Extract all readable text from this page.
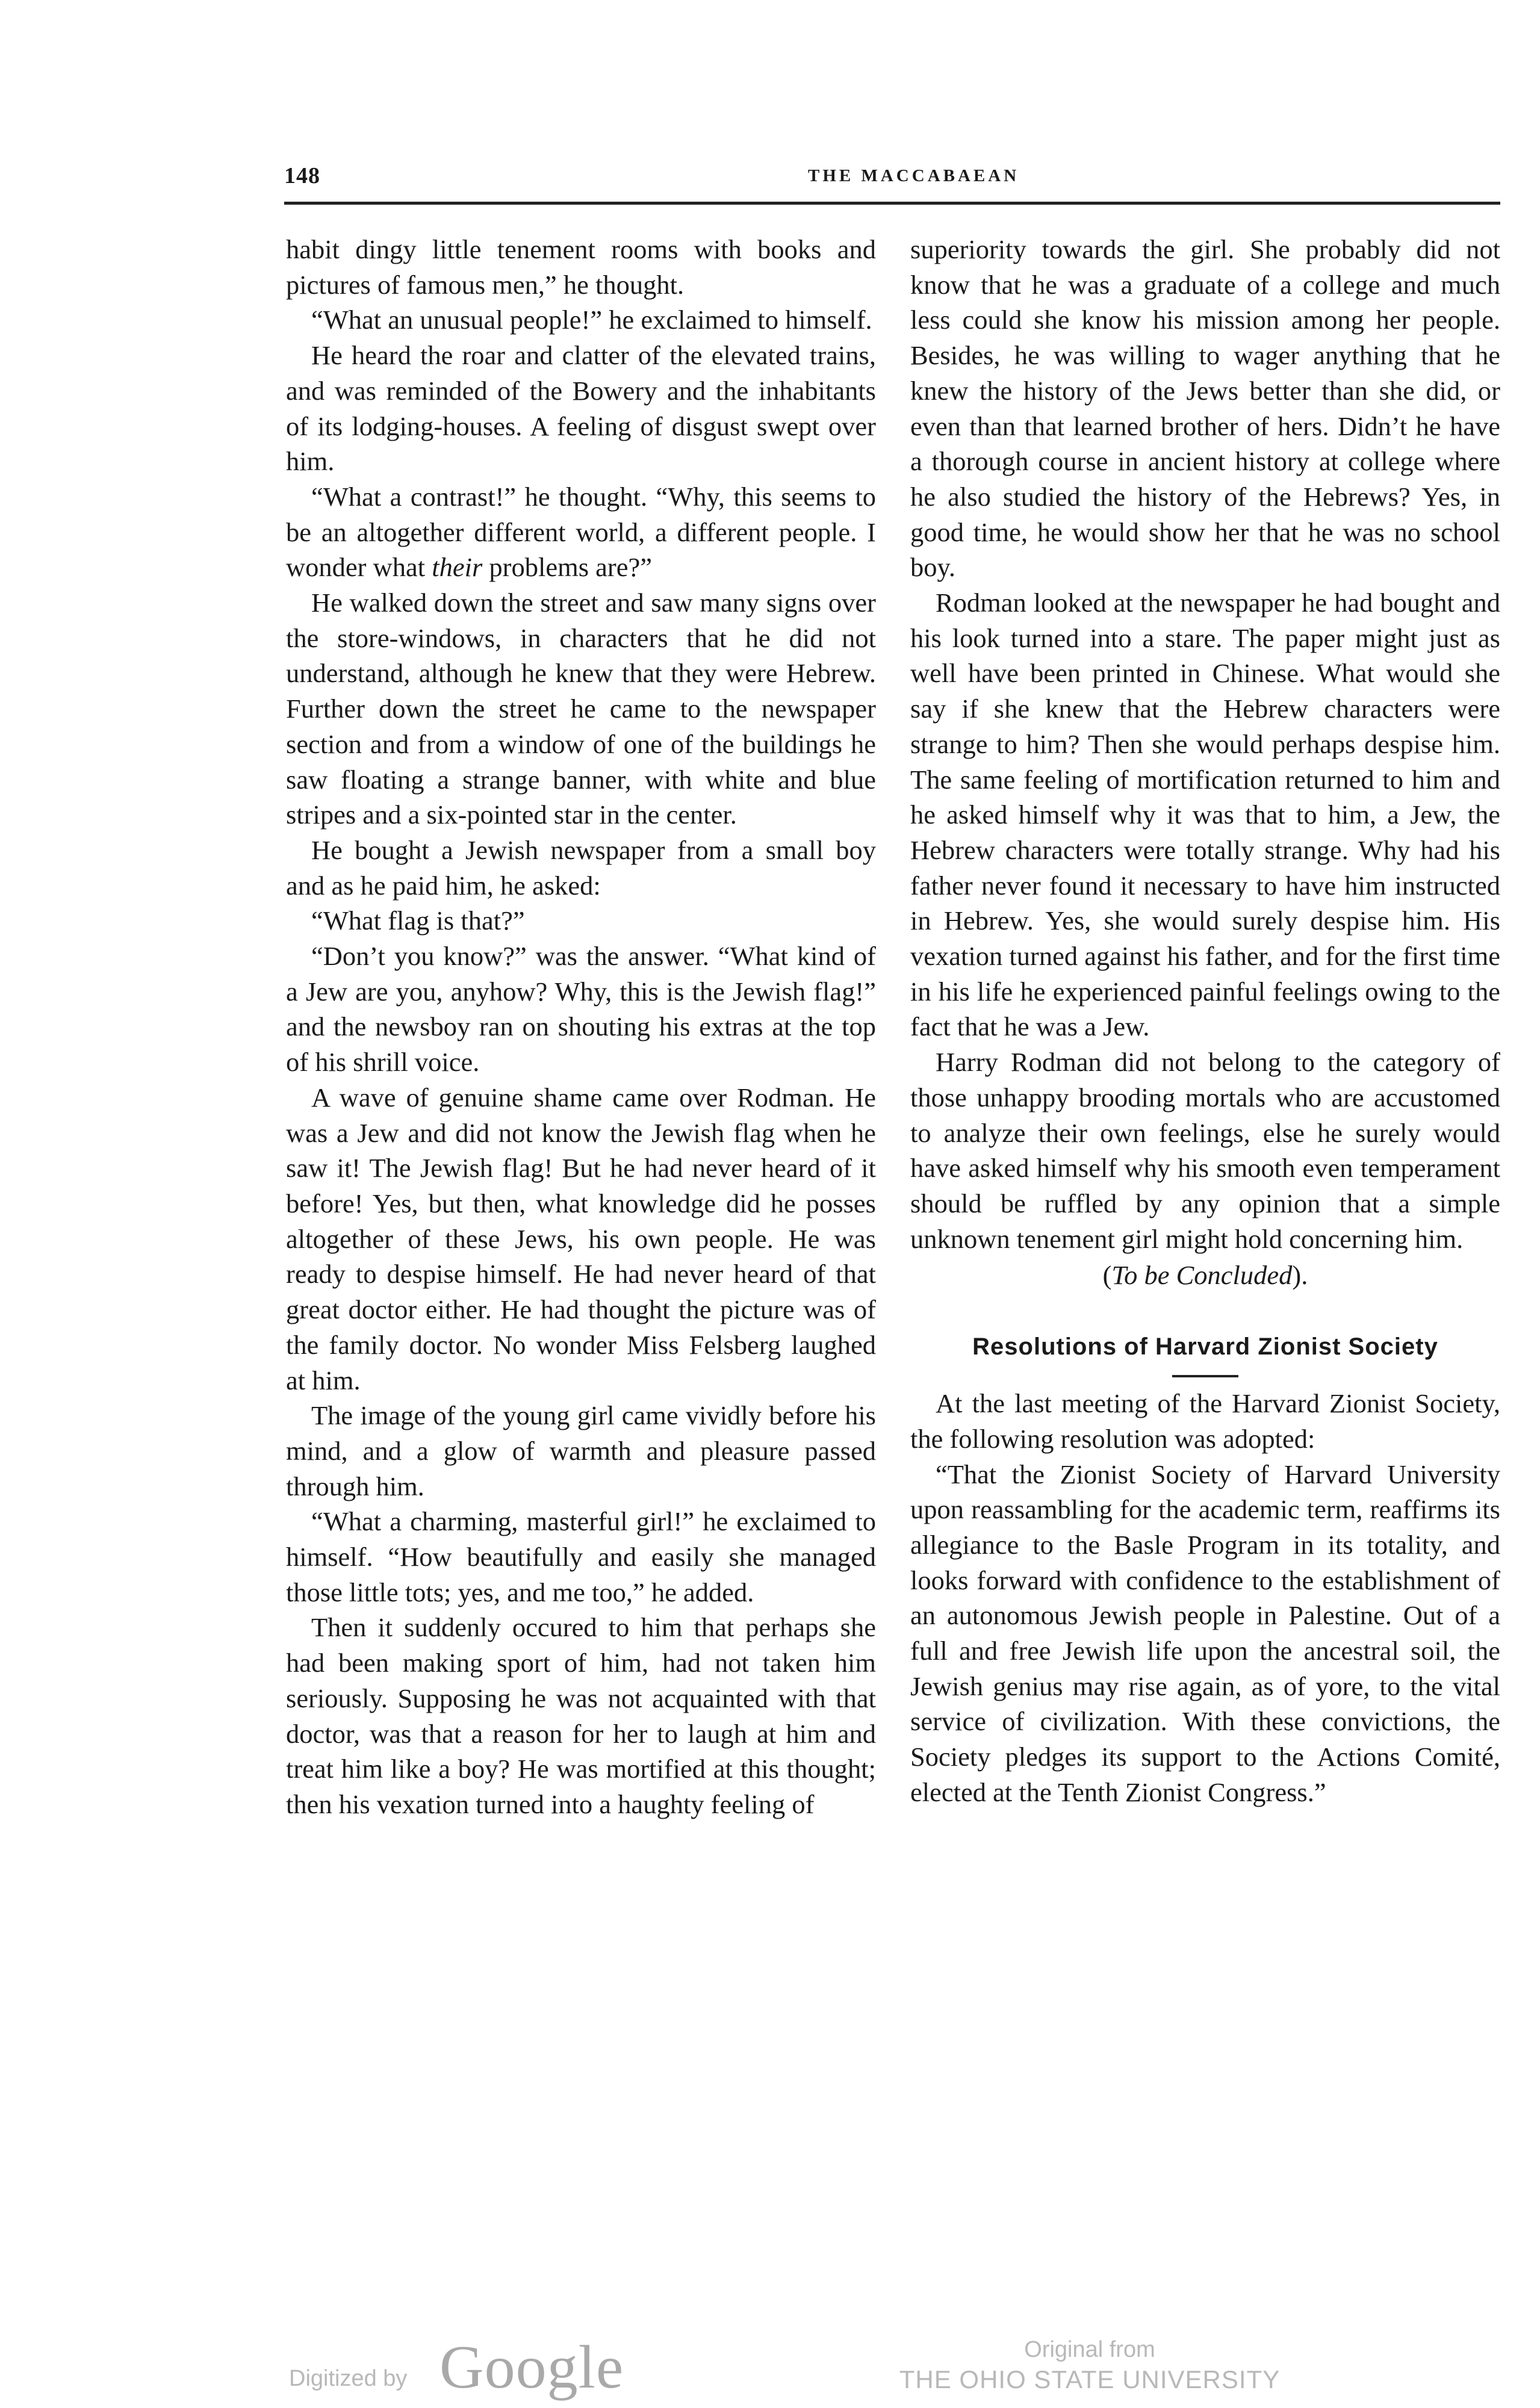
148	THE MACCABAEAN

habit dingy little tenement rooms with books and pictures of famous men,” he thought.

“What an unusual people!” he exclaimed to himself.

He heard the roar and clatter of the elevated trains, and was reminded of the Bowery and the inhabitants of its lodging-houses. A feeling of disgust swept over him.

“What a contrast!” he thought. “Why, this seems to be an altogether different world, a different people. I wonder what their problems are?”

He walked down the street and saw many signs over the store-windows, in characters that he did not understand, although he knew that they were Hebrew. Further down the street he came to the newspaper section and from a window of one of the buildings he saw floating a strange banner, with white and blue stripes and a six-pointed star in the center.

He bought a Jewish newspaper from a small boy and as he paid him, he asked:

“What flag is that?”

“Don’t you know?” was the answer. “What kind of a Jew are you, anyhow? Why, this is the Jewish flag!” and the newsboy ran on shouting his extras at the top of his shrill voice.

A wave of genuine shame came over Rodman. He was a Jew and did not know the Jewish flag when he saw it! The Jewish flag! But he had never heard of it before! Yes, but then, what knowledge did he posses altogether of these Jews, his own people. He was ready to despise himself. He had never heard of that great doctor either. He had thought the picture was of the family doctor. No wonder Miss Felsberg laughed at him.

The image of the young girl came vividly before his mind, and a glow of warmth and pleasure passed through him.

“What a charming, masterful girl!” he exclaimed to himself. “How beautifully and easily she managed those little tots; yes, and me too,” he added.

Then it suddenly occured to him that perhaps she had been making sport of him, had not taken him seriously. Supposing he was not acquainted with that doctor, was that a reason for her to laugh at him and treat him like a boy? He was mortified at this thought; then his vexation turned into a haughty feeling of

superiority towards the girl. She probably did not know that he was a graduate of a college and much less could she know his mission among her people. Besides, he was willing to wager anything that he knew the history of the Jews better than she did, or even than that learned brother of hers. Didn’t he have a thorough course in ancient history at college where he also studied the history of the Hebrews? Yes, in good time, he would show her that he was no school boy.

Rodman looked at the newspaper he had bought and his look turned into a stare. The paper might just as well have been printed in Chinese. What would she say if she knew that the Hebrew characters were strange to him? Then she would perhaps despise him. The same feeling of mortification returned to him and he asked himself why it was that to him, a Jew, the Hebrew characters were totally strange. Why had his father never found it necessary to have him instructed in Hebrew. Yes, she would surely despise him. His vexation turned against his father, and for the first time in his life he experienced painful feelings owing to the fact that he was a Jew.

Harry Rodman did not belong to the category of those unhappy brooding mortals who are accustomed to analyze their own feelings, else he surely would have asked himself why his smooth even temperament should be ruffled by any opinion that a simple unknown tenement girl might hold concerning him.

(To be Concluded).

Resolutions of Harvard Zionist Society

At the last meeting of the Harvard Zionist Society, the following resolution was adopted:

“That the Zionist Society of Harvard University upon reassambling for the academic term, reaffirms its allegiance to the Basle Program in its totality, and looks forward with confidence to the establishment of an autonomous Jewish people in Palestine. Out of a full and free Jewish life upon the ancestral soil, the Jewish genius may rise again, as of yore, to the vital service of civilization. With these convictions, the Society pledges its support to the Actions Comité, elected at the Tenth Zionist Congress.”

Digitized by Google	Original from
THE OHIO STATE UNIVERSITY
